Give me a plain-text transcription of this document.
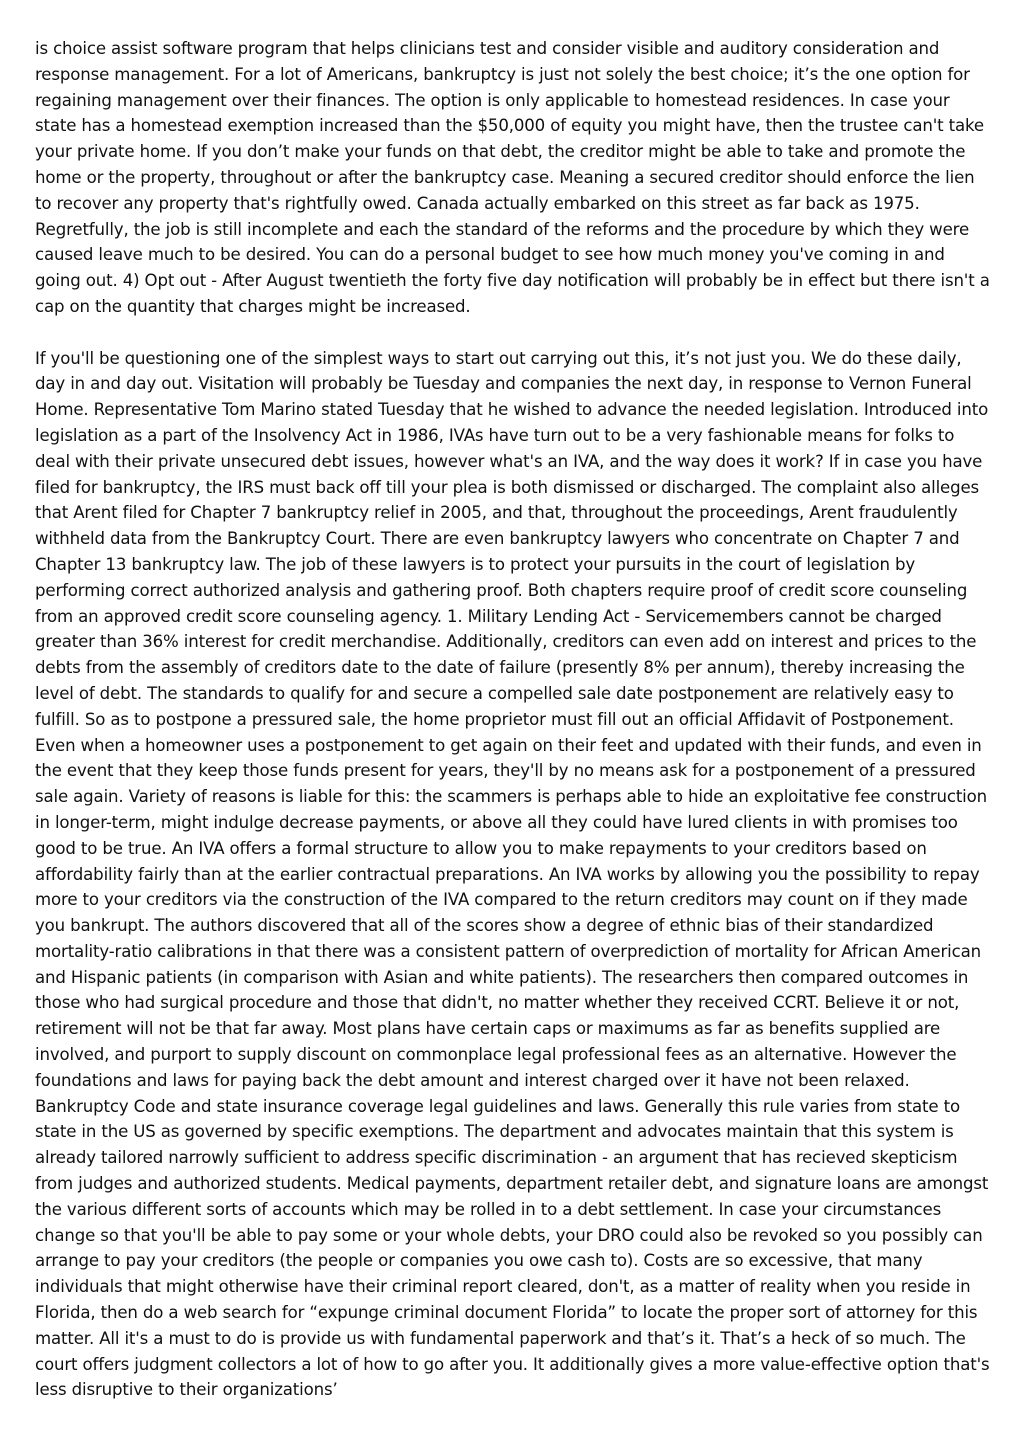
is choice assist software program that helps clinicians test and consider visible and auditory consideration and response management. For a lot of Americans, bankruptcy is just not solely the best choice; it’s the one option for regaining management over their finances. The option is only applicable to homestead residences. In case your state has a homestead exemption increased than the $50,000 of equity you might have, then the trustee can't take your private home. If you don’t make your funds on that debt, the creditor might be able to take and promote the home or the property, throughout or after the bankruptcy case. Meaning a secured creditor should enforce the lien to recover any property that's rightfully owed. Canada actually embarked on this street as far back as 1975. Regretfully, the job is still incomplete and each the standard of the reforms and the procedure by which they were caused leave much to be desired. You can do a personal budget to see how much money you've coming in and going out. 4) Opt out - After August twentieth the forty five day notification will probably be in effect but there isn't a cap on the quantity that charges might be increased.

If you'll be questioning one of the simplest ways to start out carrying out this, it’s not just you. We do these daily, day in and day out. Visitation will probably be Tuesday and companies the next day, in response to Vernon Funeral Home. Representative Tom Marino stated Tuesday that he wished to advance the needed legislation. Introduced into legislation as a part of the Insolvency Act in 1986, IVAs have turn out to be a very fashionable means for folks to deal with their private unsecured debt issues, however what's an IVA, and the way does it work? If in case you have filed for bankruptcy, the IRS must back off till your plea is both dismissed or discharged. The complaint also alleges that Arent filed for Chapter 7 bankruptcy relief in 2005, and that, throughout the proceedings, Arent fraudulently withheld data from the Bankruptcy Court. There are even bankruptcy lawyers who concentrate on Chapter 7 and Chapter 13 bankruptcy law. The job of these lawyers is to protect your pursuits in the court of legislation by performing correct authorized analysis and gathering proof. Both chapters require proof of credit score counseling from an approved credit score counseling agency. 1. Military Lending Act - Servicemembers cannot be charged greater than 36% interest for credit merchandise. Additionally, creditors can even add on interest and prices to the debts from the assembly of creditors date to the date of failure (presently 8% per annum), thereby increasing the level of debt. The standards to qualify for and secure a compelled sale date postponement are relatively easy to fulfill. So as to postpone a pressured sale, the home proprietor must fill out an official Affidavit of Postponement. Even when a homeowner uses a postponement to get again on their feet and updated with their funds, and even in the event that they keep those funds present for years, they'll by no means ask for a postponement of a pressured sale again. Variety of reasons is liable for this: the scammers is perhaps able to hide an exploitative fee construction in longer-term, might indulge decrease payments, or above all they could have lured clients in with promises too good to be true. An IVA offers a formal structure to allow you to make repayments to your creditors based on affordability fairly than at the earlier contractual preparations. An IVA works by allowing you the possibility to repay more to your creditors via the construction of the IVA compared to the return creditors may count on if they made you bankrupt. The authors discovered that all of the scores show a degree of ethnic bias of their standardized mortality-ratio calibrations in that there was a consistent pattern of overprediction of mortality for African American and Hispanic patients (in comparison with Asian and white patients). The researchers then compared outcomes in those who had surgical procedure and those that didn't, no matter whether they received CCRT. Believe it or not, retirement will not be that far away. Most plans have certain caps or maximums as far as benefits supplied are involved, and purport to supply discount on commonplace legal professional fees as an alternative. However the foundations and laws for paying back the debt amount and interest charged over it have not been relaxed. Bankruptcy Code and state insurance coverage legal guidelines and laws. Generally this rule varies from state to state in the US as governed by specific exemptions. The department and advocates maintain that this system is already tailored narrowly sufficient to address specific discrimination - an argument that has recieved skepticism from judges and authorized students. Medical payments, department retailer debt, and signature loans are amongst the various different sorts of accounts which may be rolled in to a debt settlement. In case your circumstances change so that you'll be able to pay some or your whole debts, your DRO could also be revoked so you possibly can arrange to pay your creditors (the people or companies you owe cash to). Costs are so excessive, that many individuals that might otherwise have their criminal report cleared, don't, as a matter of reality when you reside in Florida, then do a web search for “expunge criminal document Florida” to locate the proper sort of attorney for this matter. All it's a must to do is provide us with fundamental paperwork and that’s it. That’s a heck of so much. The court offers judgment collectors a lot of how to go after you. It additionally gives a more value-effective option that's less disruptive to their organizations’
